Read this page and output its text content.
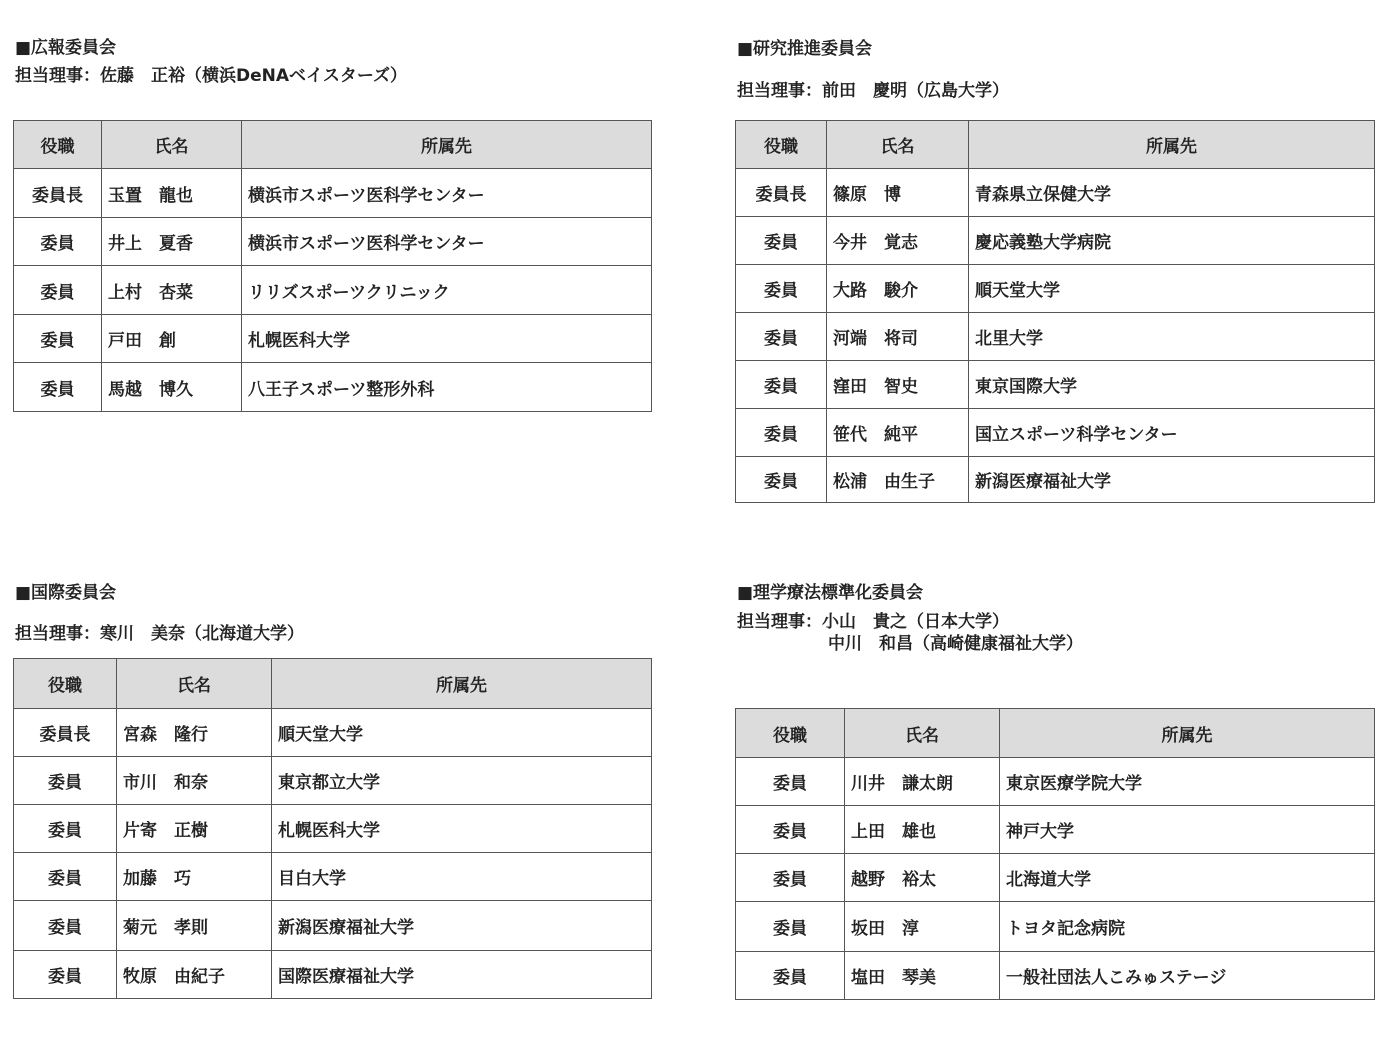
■広報委員会
担当理事：佐藤　正裕（横浜DeNAベイスターズ）
役職	氏名	所属先
委員長	玉置　龍也	横浜市スポーツ医科学センター
委員	井上　夏香	横浜市スポーツ医科学センター
委員	上村　杏菜	リリズスポーツクリニック
委員	戸田　創	札幌医科大学
委員	馬越　博久	八王子スポーツ整形外科
■研究推進委員会
担当理事：前田　慶明（広島大学）
役職	氏名	所属先
委員長	篠原　博	青森県立保健大学
委員	今井　覚志	慶応義塾大学病院
委員	大路　駿介	順天堂大学
委員	河端　将司	北里大学
委員	窪田　智史	東京国際大学
委員	笹代　純平	国立スポーツ科学センター
委員	松浦　由生子	新潟医療福祉大学
■国際委員会
担当理事：寒川　美奈（北海道大学）
役職	氏名	所属先
委員長	宮森　隆行	順天堂大学
委員	市川　和奈	東京都立大学
委員	片寄　正樹	札幌医科大学
委員	加藤　巧	目白大学
委員	菊元　孝則	新潟医療福祉大学
委員	牧原　由紀子	国際医療福祉大学
■理学療法標準化委員会
担当理事：小山　貴之（日本大学）
中川　和昌（高崎健康福祉大学）
役職	氏名	所属先
委員	川井　謙太朗	東京医療学院大学
委員	上田　雄也	神戸大学
委員	越野　裕太	北海道大学
委員	坂田　淳	トヨタ記念病院
委員	塩田　琴美	一般社団法人こみゅステージ
